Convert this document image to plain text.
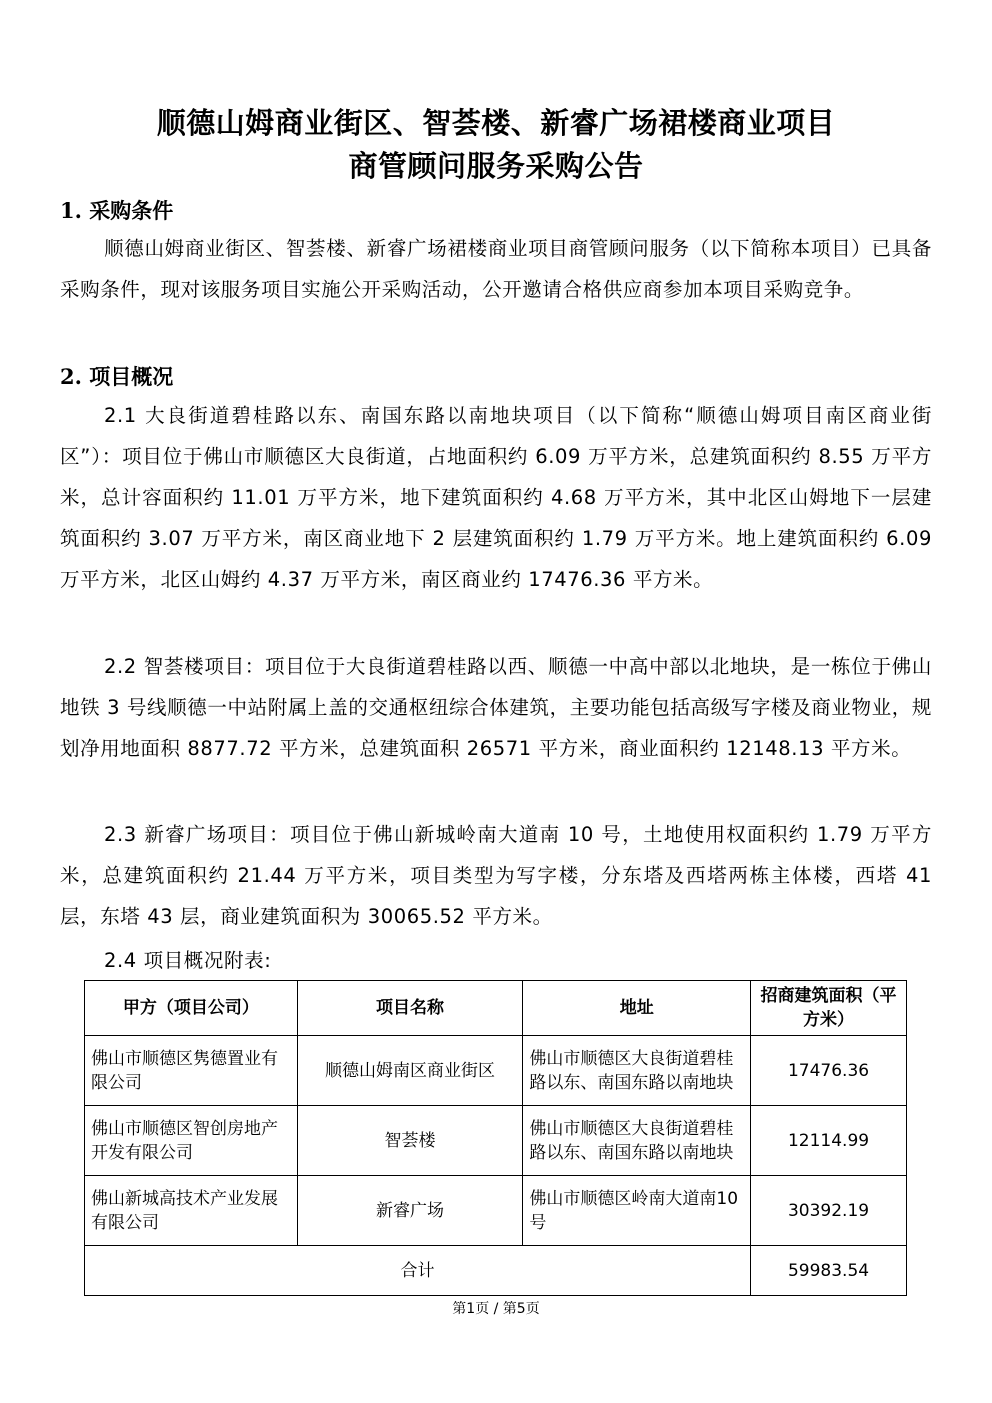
顺德山姆商业街区、智荟楼、新睿广场裙楼商业项目
商管顾问服务采购公告
1. 采购条件
顺德山姆商业街区、智荟楼、新睿广场裙楼商业项目商管顾问服务（以下简称本项目）已具备采购条件，现对该服务项目实施公开采购活动，公开邀请合格供应商参加本项目采购竞争。
2. 项目概况
2.1 大良街道碧桂路以东、南国东路以南地块项目（以下简称“顺德山姆项目南区商业街区”）：项目位于佛山市顺德区大良街道，占地面积约 6.09 万平方米，总建筑面积约 8.55 万平方米，总计容面积约 11.01 万平方米，地下建筑面积约 4.68 万平方米，其中北区山姆地下一层建筑面积约 3.07 万平方米，南区商业地下 2 层建筑面积约 1.79 万平方米。地上建筑面积约 6.09 万平方米，北区山姆约 4.37 万平方米，南区商业约 17476.36 平方米。
2.2 智荟楼项目：项目位于大良街道碧桂路以西、顺德一中高中部以北地块，是一栋位于佛山地铁 3 号线顺德一中站附属上盖的交通枢纽综合体建筑，主要功能包括高级写字楼及商业物业，规划净用地面积 8877.72 平方米，总建筑面积 26571 平方米，商业面积约 12148.13 平方米。
2.3 新睿广场项目：项目位于佛山新城岭南大道南 10 号，土地使用权面积约 1.79 万平方米，总建筑面积约 21.44 万平方米，项目类型为写字楼，分东塔及西塔两栋主体楼，西塔 41 层，东塔 43 层，商业建筑面积为 30065.52 平方米。
2.4 项目概况附表:
甲方（项目公司）	项目名称	地址	招商建筑面积（平方米）
佛山市顺德区隽德置业有限公司	顺德山姆南区商业街区	佛山市顺德区大良街道碧桂路以东、南国东路以南地块	17476.36
佛山市顺德区智创房地产开发有限公司	智荟楼	佛山市顺德区大良街道碧桂路以东、南国东路以南地块	12114.99
佛山新城高技术产业发展有限公司	新睿广场	佛山市顺德区岭南大道南10号	30392.19
合计			59983.54
第1页 / 第5页
